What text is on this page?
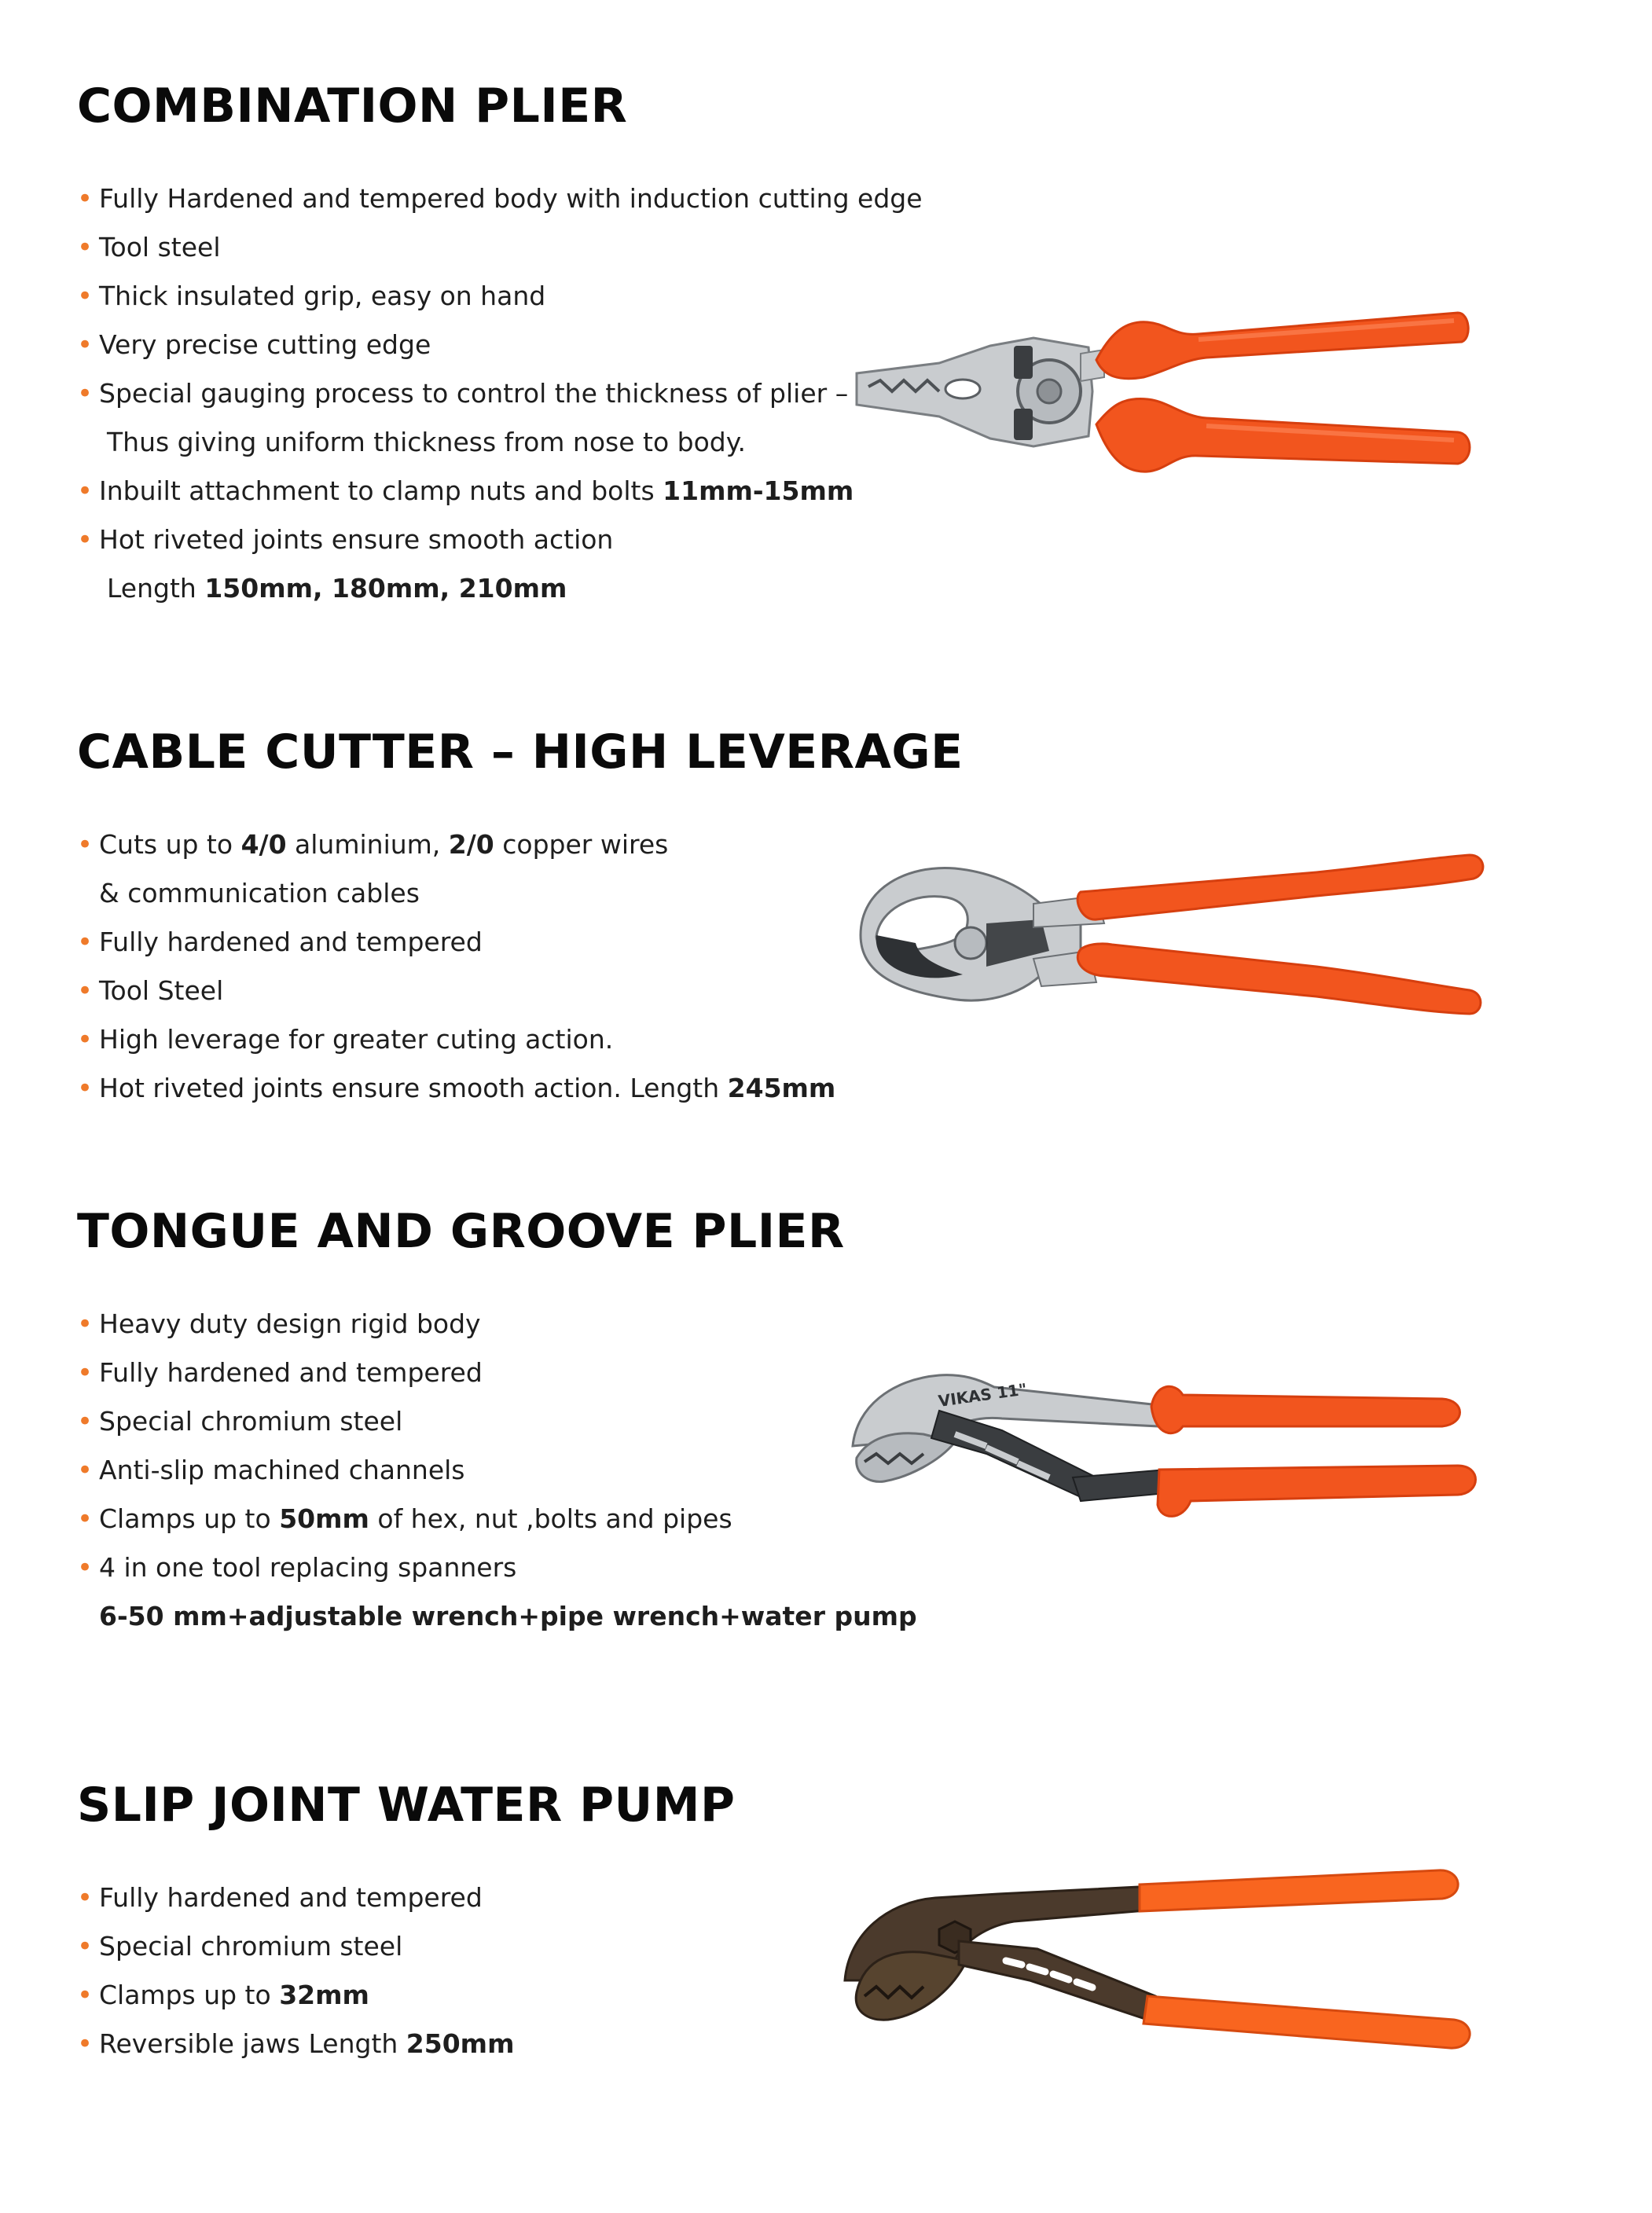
COMBINATION PLIER
• Fully Hardened and tempered body with induction cutting edge
• Tool steel
• Thick insulated grip, easy on hand
• Very precise cutting edge
• Special gauging process to control the thickness of plier –
Thus giving uniform thickness from nose to body.
• Inbuilt attachment to clamp nuts and bolts 11mm-15mm
• Hot riveted joints ensure smooth action
Length 150mm, 180mm, 210mm
CABLE CUTTER – HIGH LEVERAGE
• Cuts up to 4/0 aluminium, 2/0 copper wires
& communication cables
• Fully hardened and tempered
• Tool Steel
• High leverage for greater cuting action.
• Hot riveted joints ensure smooth action. Length 245mm
TONGUE AND GROOVE PLIER
• Heavy duty design rigid body
• Fully hardened and tempered
• Special chromium steel
• Anti-slip machined channels
• Clamps up to 50mm of hex, nut ,bolts and pipes
• 4 in one tool replacing spanners
6-50 mm+adjustable wrench+pipe wrench+water pump
VIKAS 11"
SLIP JOINT WATER PUMP
• Fully hardened and tempered
• Special chromium steel
• Clamps up to 32mm
• Reversible jaws Length 250mm
